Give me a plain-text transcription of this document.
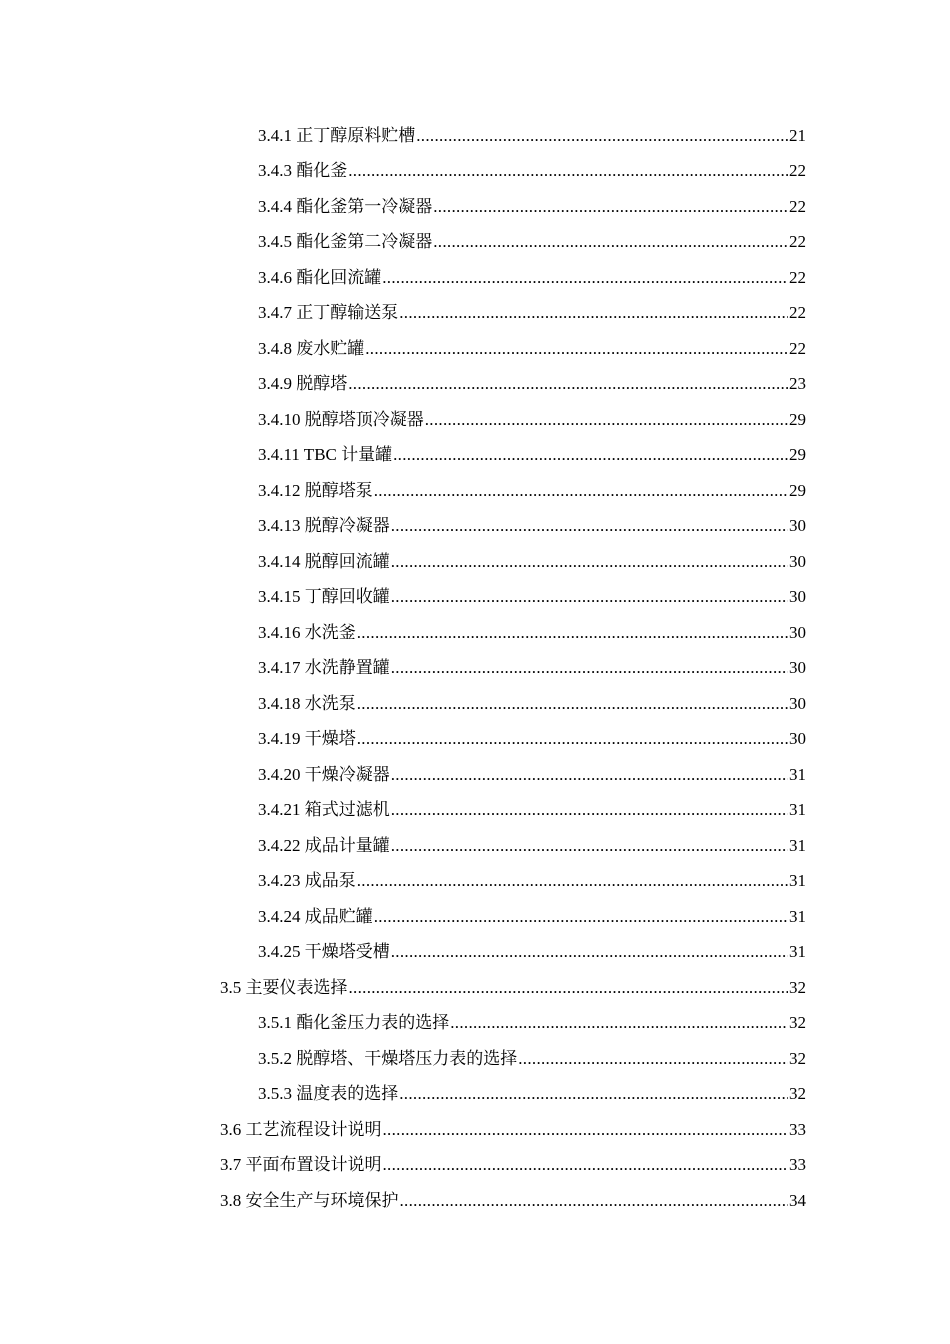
3.4.1 正丁醇原料贮槽 .....	21
3.4.3 酯化釜 .....	22
3.4.4 酯化釜第一冷凝器 .....	22
3.4.5 酯化釜第二冷凝器 .....	22
3.4.6 酯化回流罐 .....	22
3.4.7 正丁醇输送泵 .....	22
3.4.8 废水贮罐 .....	22
3.4.9 脱醇塔 .....	23
3.4.10 脱醇塔顶冷凝器 .....	29
3.4.11 TBC 计量罐 .....	29
3.4.12 脱醇塔泵 .....	29
3.4.13 脱醇冷凝器 .....	30
3.4.14 脱醇回流罐 .....	30
3.4.15 丁醇回收罐 .....	30
3.4.16 水洗釜 .....	30
3.4.17 水洗静置罐 .....	30
3.4.18 水洗泵 .....	30
3.4.19 干燥塔 .....	30
3.4.20 干燥冷凝器 .....	31
3.4.21 箱式过滤机 .....	31
3.4.22 成品计量罐 .....	31
3.4.23 成品泵 .....	31
3.4.24 成品贮罐 .....	31
3.4.25 干燥塔受槽 .....	31
3.5 主要仪表选择 .....	32
3.5.1 酯化釜压力表的选择 .....	32
3.5.2 脱醇塔、干燥塔压力表的选择 .....	32
3.5.3 温度表的选择 .....	32
3.6 工艺流程设计说明 .....	33
3.7 平面布置设计说明 .....	33
3.8 安全生产与环境保护 .....	34
